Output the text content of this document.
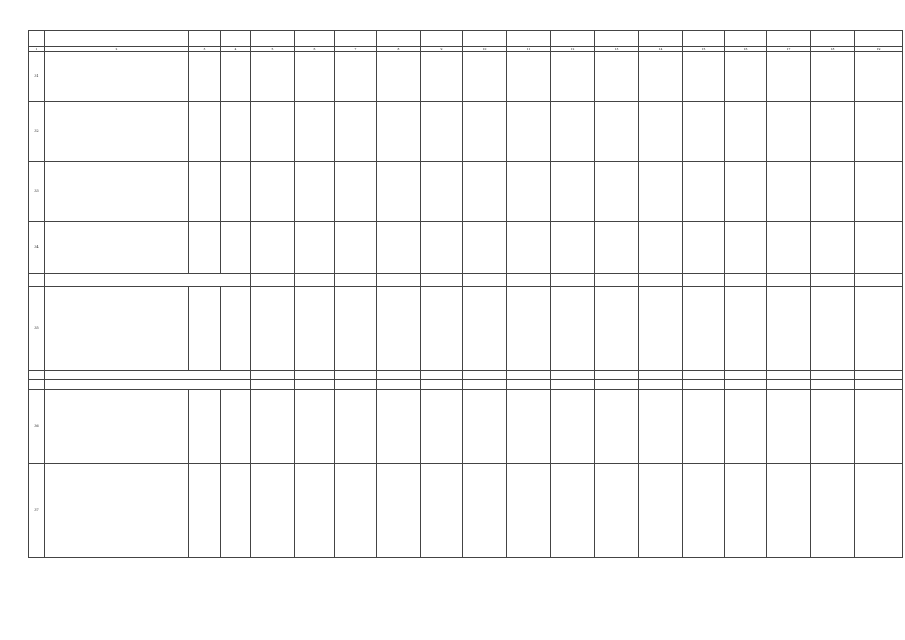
1	2	3	4	5	6	7	8	9	10	11	12	13	14	15	16	17	18	19	
31																			
32																			
33																			
34																			

35																			

36																			
37																			
